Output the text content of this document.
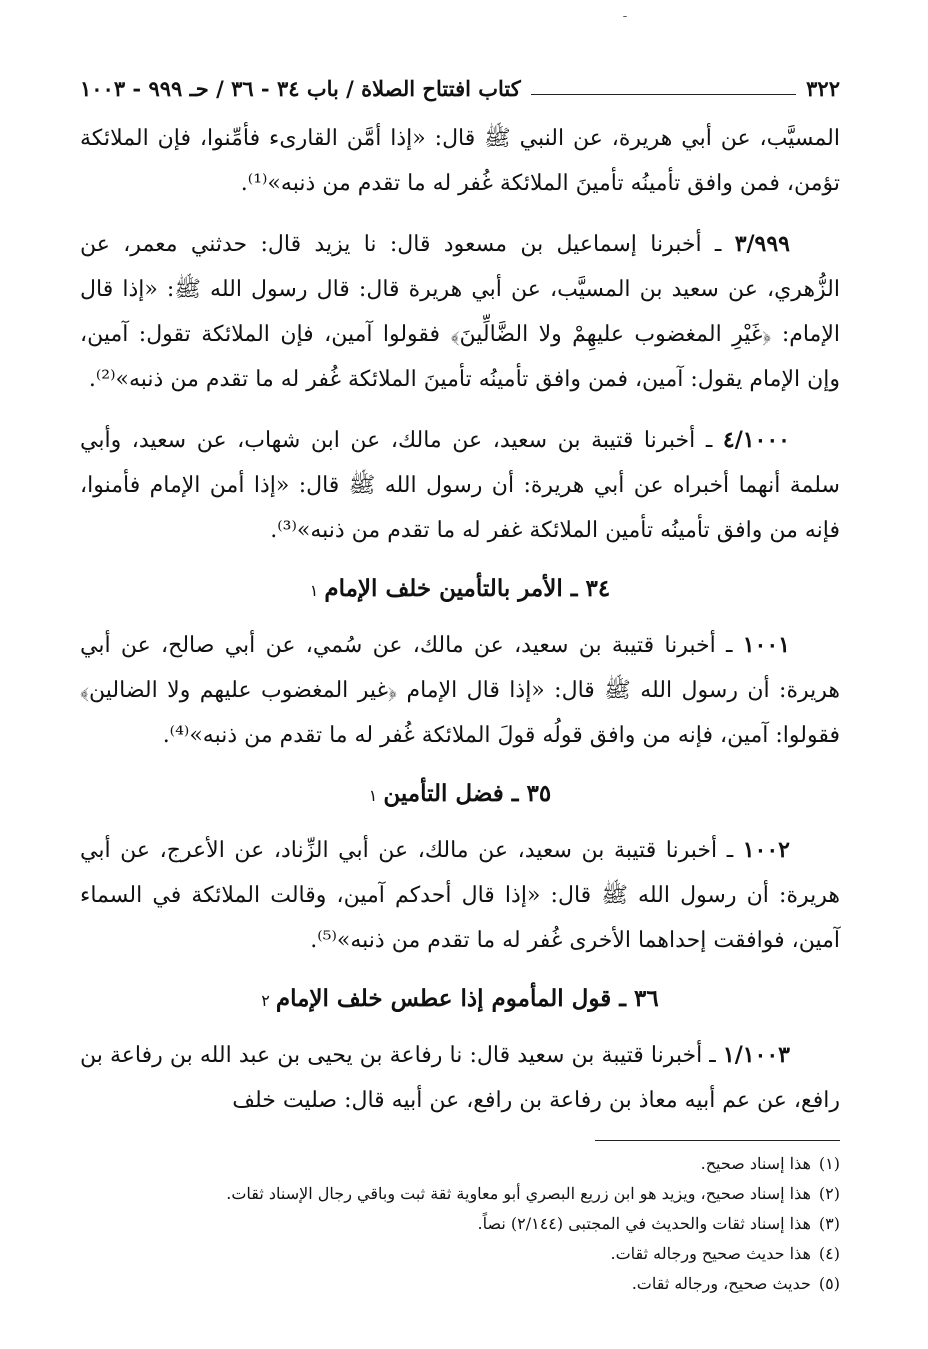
ˉ
٣٢٢
كتاب افتتاح الصلاة / باب ٣٤ - ٣٦ / حـ ٩٩٩ - ١٠٠٣

المسيَّب، عن أبي هريرة، عن النبي ﷺ قال: «إذا أمَّن القارىء فأمِّنوا، فإن الملائكة تؤمن، فمن وافق تأمينُه تأمينَ الملائكة غُفر له ما تقدم من ذنبه»⁽¹⁾.

٣/٩٩٩ ـ أخبرنا إسماعيل بن مسعود قال: نا يزيد قال: حدثني معمر، عن الزُّهري، عن سعيد بن المسيَّب، عن أبي هريرة قال: قال رسول الله ﷺ: «إذا قال الإمام: ﴿غَيْرِ المغضوب عليهِمْ ولا الضَّالِّينَ﴾ فقولوا آمين، فإن الملائكة تقول: آمين، وإن الإمام يقول: آمين، فمن وافق تأمينُه تأمينَ الملائكة غُفر له ما تقدم من ذنبه»⁽²⁾.

٤/١٠٠٠ ـ أخبرنا قتيبة بن سعيد، عن مالك، عن ابن شهاب، عن سعيد، وأبي سلمة أنهما أخبراه عن أبي هريرة: أن رسول الله ﷺ قال: «إذا أمن الإمام فأمنوا، فإنه من وافق تأمينُه تأمين الملائكة غفر له ما تقدم من ذنبه»⁽³⁾.

٣٤ ـ الأمر بالتأمين خلف الإمام١

١٠٠١ ـ أخبرنا قتيبة بن سعيد، عن مالك، عن سُمي، عن أبي صالح، عن أبي هريرة: أن رسول الله ﷺ قال: «إذا قال الإمام ﴿غير المغضوب عليهم ولا الضالين﴾ فقولوا: آمين، فإنه من وافق قولُه قولَ الملائكة غُفر له ما تقدم من ذنبه»⁽⁴⁾.

٣٥ ـ فضل التأمين١

١٠٠٢ ـ أخبرنا قتيبة بن سعيد، عن مالك، عن أبي الزِّناد، عن الأعرج، عن أبي هريرة: أن رسول الله ﷺ قال: «إذا قال أحدكم آمين، وقالت الملائكة في السماء آمين، فوافقت إحداهما الأخرى غُفر له ما تقدم من ذنبه»⁽⁵⁾.

٣٦ ـ قول المأموم إذا عطس خلف الإمام٢

١/١٠٠٣ ـ أخبرنا قتيبة بن سعيد قال: نا رفاعة بن يحيى بن عبد الله بن رفاعة بن رافع، عن عم أبيه معاذ بن رفاعة بن رافع، عن أبيه قال: صليت خلف

(١)هذا إسناد صحيح.
(٢)هذا إسناد صحيح، ويزيد هو ابن زريع البصري أبو معاوية ثقة ثبت وباقي رجال الإسناد ثقات.
(٣)هذا إسناد ثقات والحديث في المجتبى (٢/١٤٤) نصاً.
(٤)هذا حديث صحيح ورجاله ثقات.
(٥)حديث صحيح، ورجاله ثقات.
